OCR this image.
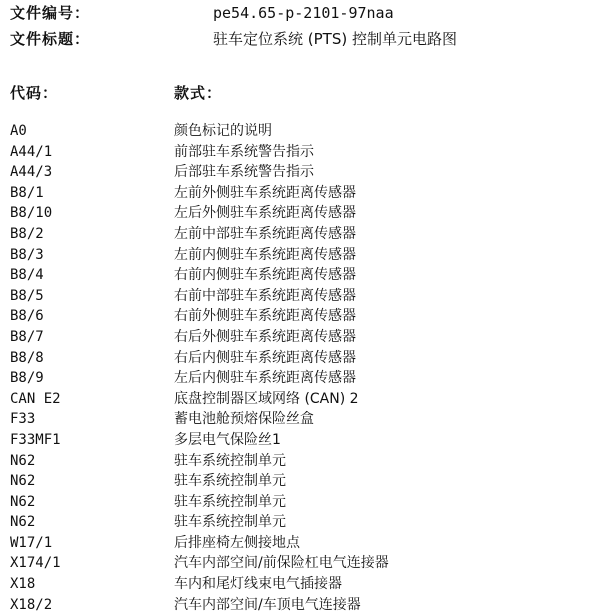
文件编号：	pe54.65-p-2101-97naa
文件标题：	驻车定位系统 (PTS) 控制单元电路图
代码：	款式：
A0	颜色标记的说明
A44/1	前部驻车系统警告指示
A44/3	后部驻车系统警告指示
B8/1	左前外侧驻车系统距离传感器
B8/10	左后外侧驻车系统距离传感器
B8/2	左前中部驻车系统距离传感器
B8/3	左前内侧驻车系统距离传感器
B8/4	右前内侧驻车系统距离传感器
B8/5	右前中部驻车系统距离传感器
B8/6	右前外侧驻车系统距离传感器
B8/7	右后外侧驻车系统距离传感器
B8/8	右后内侧驻车系统距离传感器
B8/9	左后内侧驻车系统距离传感器
CAN E2	底盘控制器区域网络 (CAN) 2
F33	蓄电池舱预熔保险丝盒
F33MF1	多层电气保险丝1
N62	驻车系统控制单元
N62	驻车系统控制单元
N62	驻车系统控制单元
N62	驻车系统控制单元
W17/1	后排座椅左侧接地点
X174/1	汽车内部空间/前保险杠电气连接器
X18	车内和尾灯线束电气插接器
X18/2	汽车内部空间/车顶电气连接器
